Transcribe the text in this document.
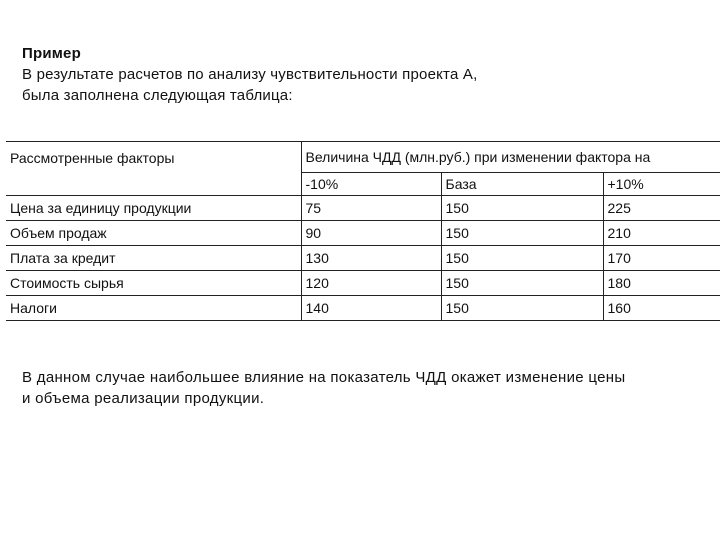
Пример
В результате расчетов по анализу чувствительности проекта А,
была заполнена следующая таблица:
Рассмотренные факторы	Величина ЧДД (млн.руб.) при изменении фактора на		
	-10%	База	+10%
Цена за единицу продукции	75	150	225
Объем продаж	90	150	210
Плата за кредит	130	150	170
Стоимость сырья	120	150	180
Налоги	140	150	160
В данном случае наибольшее влияние на показатель ЧДД окажет изменение цены
и объема реализации продукции.
